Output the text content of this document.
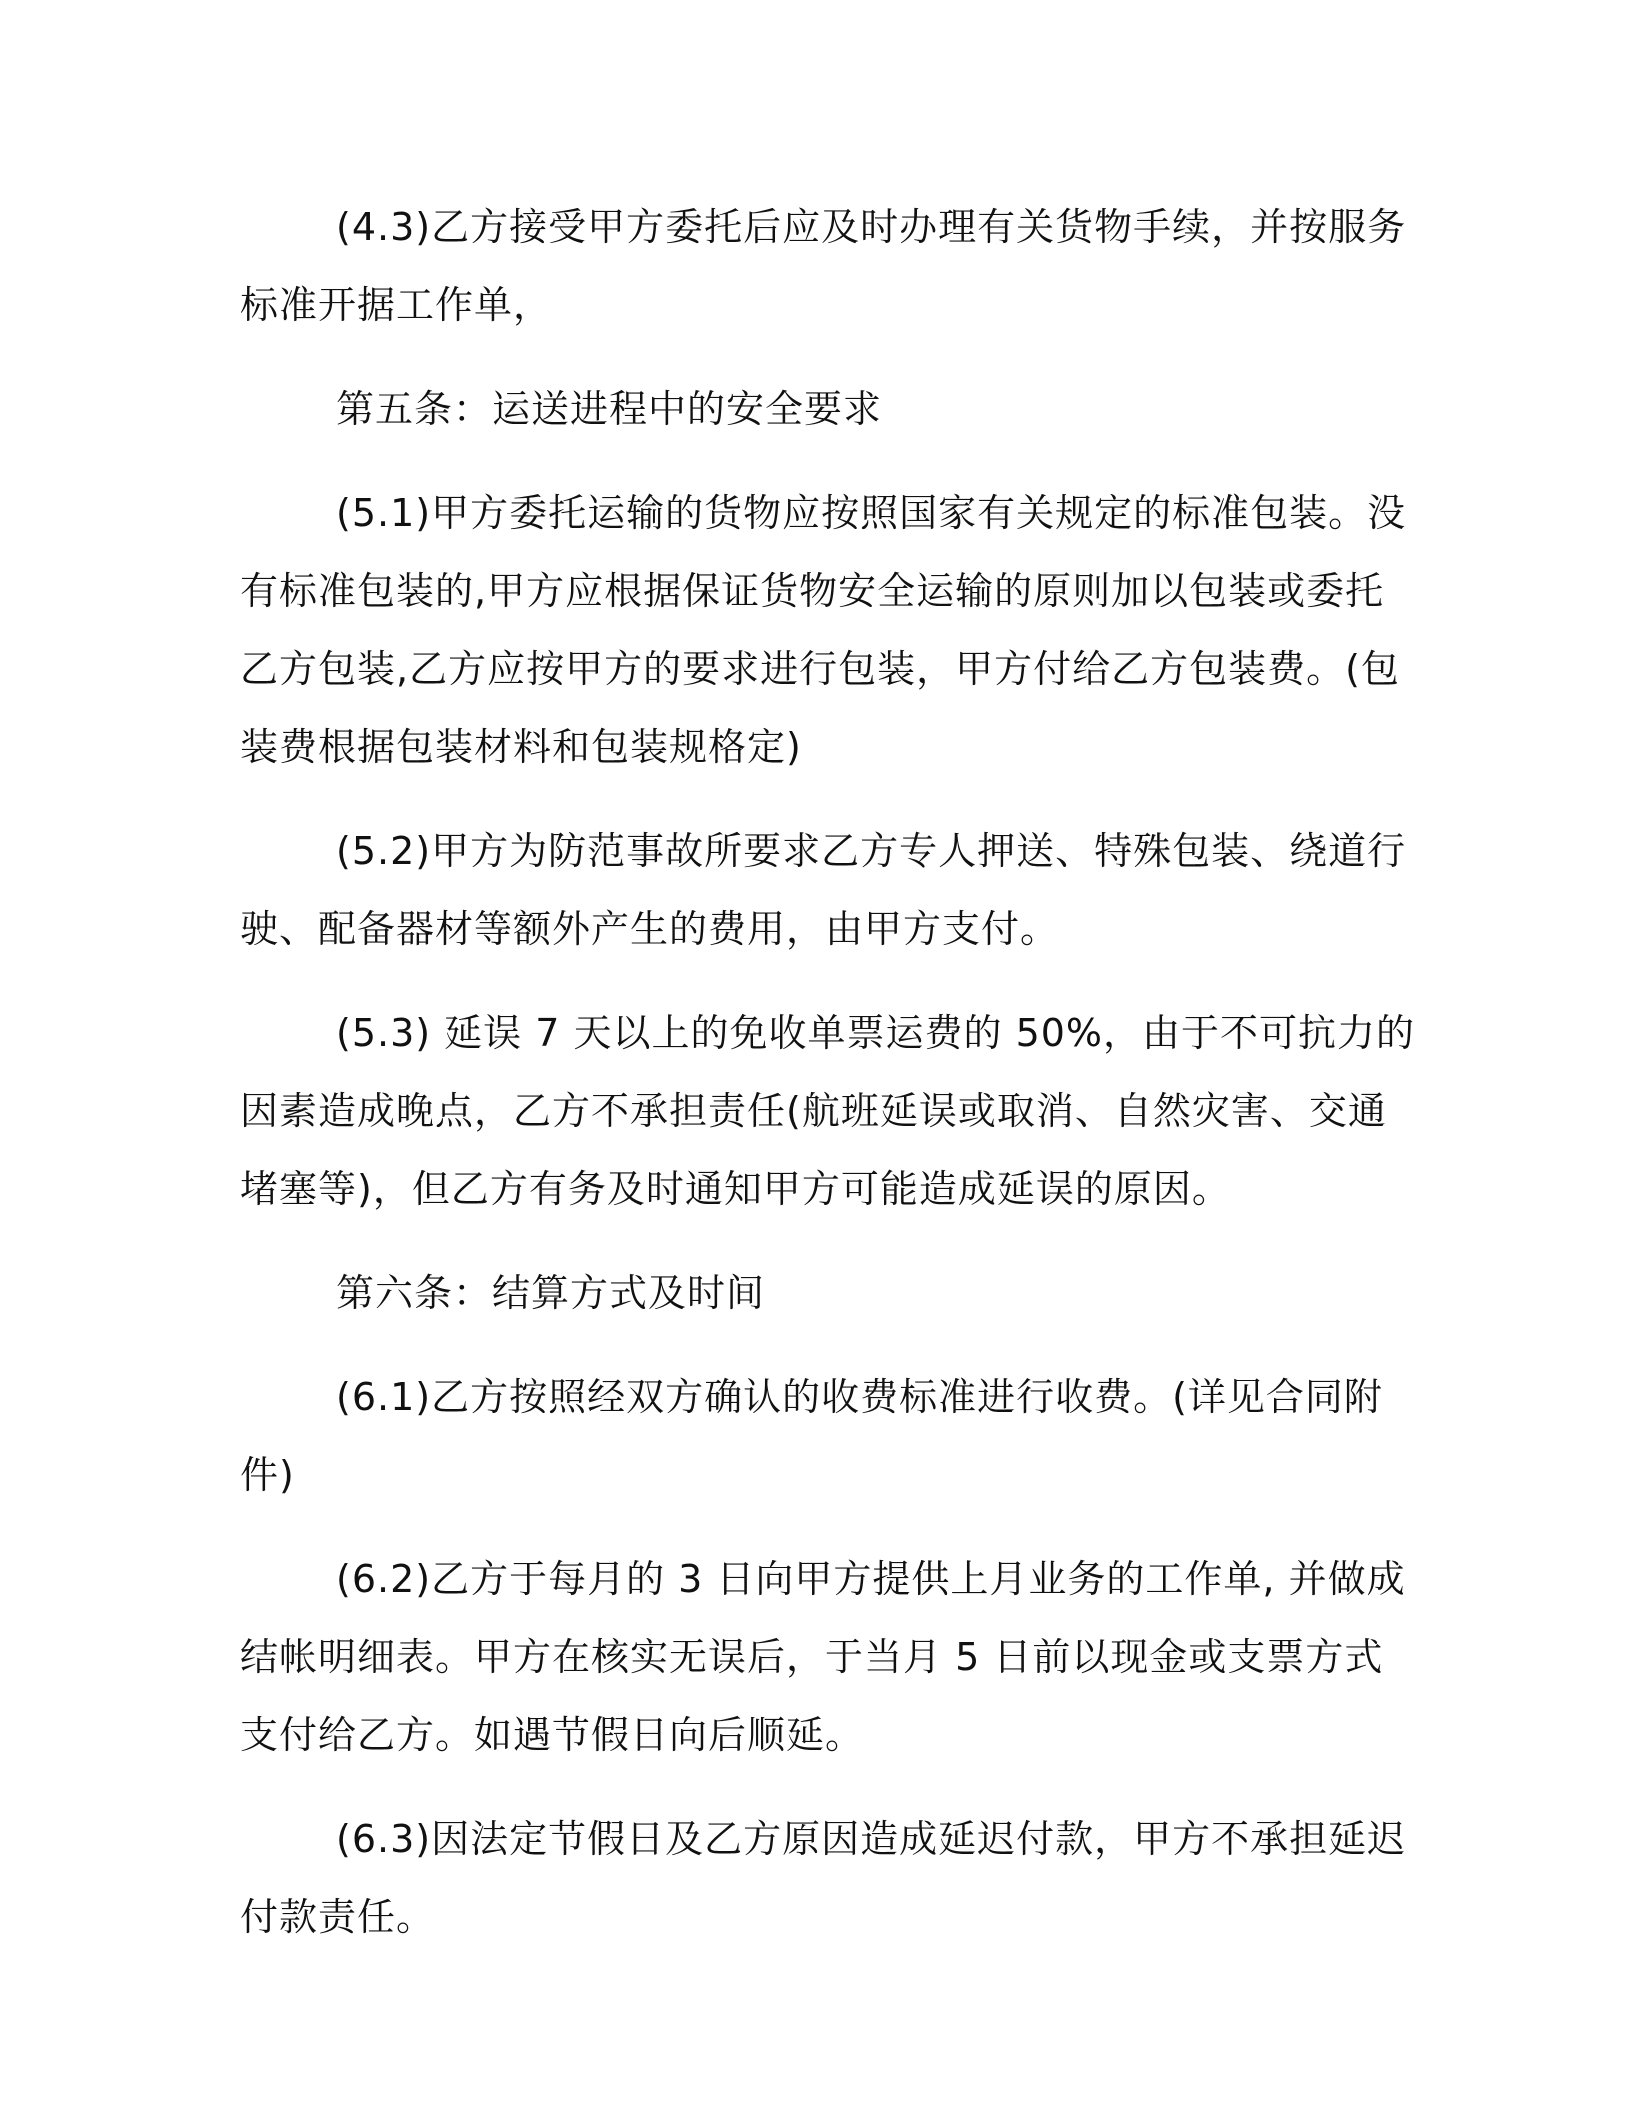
(4.3)乙方接受甲方委托后应及时办理有关货物手续，并按服务标准开据工作单，

第五条：运送进程中的安全要求

(5.1)甲方委托运输的货物应按照国家有关规定的标准包装。没有标准包装的,甲方应根据保证货物安全运输的原则加以包装或委托乙方包装,乙方应按甲方的要求进行包装，甲方付给乙方包装费。(包装费根据包装材料和包装规格定)

(5.2)甲方为防范事故所要求乙方专人押送、特殊包装、绕道行驶、配备器材等额外产生的费用，由甲方支付。

(5.3) 延误 7 天以上的免收单票运费的 50%，由于不可抗力的因素造成晚点，乙方不承担责任(航班延误或取消、自然灾害、交通堵塞等)，但乙方有务及时通知甲方可能造成延误的原因。

第六条：结算方式及时间

(6.1)乙方按照经双方确认的收费标准进行收费。(详见合同附件)

(6.2)乙方于每月的 3 日向甲方提供上月业务的工作单, 并做成结帐明细表。甲方在核实无误后，于当月 5 日前以现金或支票方式支付给乙方。如遇节假日向后顺延。

(6.3)因法定节假日及乙方原因造成延迟付款，甲方不承担延迟付款责任。
